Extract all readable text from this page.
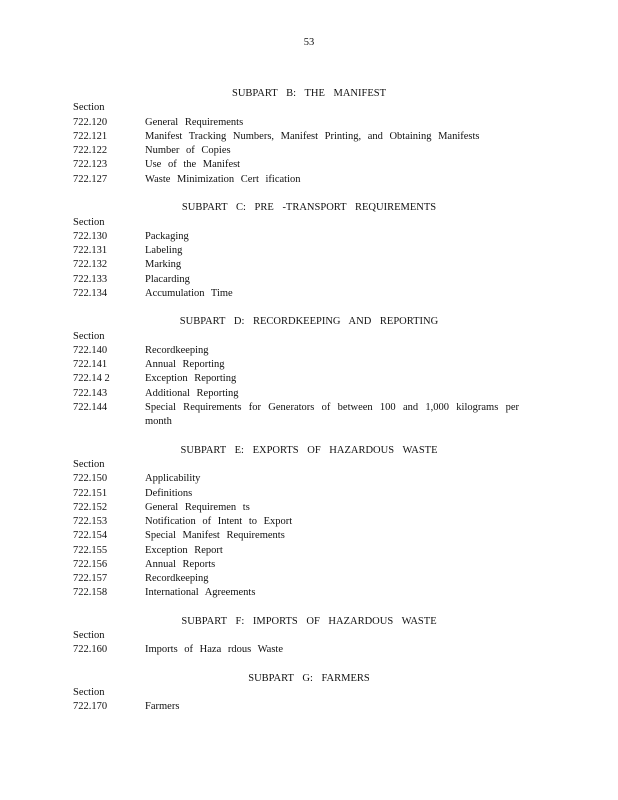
53
SUBPART B: THE MANIFEST
Section
722.120	General Requirements
722.121	Manifest Tracking Numbers, Manifest Printing, and Obtaining Manifests
722.122	Number of Copies
722.123	Use of the Manifest
722.127	Waste Minimization Cert ification
SUBPART C: PRE -TRANSPORT REQUIREMENTS
Section
722.130	Packaging
722.131	Labeling
722.132	Marking
722.133	Placarding
722.134	Accumulation Time
SUBPART D: RECORDKEEPING AND REPORTING
Section
722.140	Recordkeeping
722.141	Annual Reporting
722.14 2	Exception Reporting
722.143	Additional Reporting
722.144	Special Requirements for Generators of between 100 and 1,000 kilograms per
month
SUBPART E: EXPORTS OF HAZARDOUS WASTE
Section
722.150	Applicability
722.151	Definitions
722.152	General Requiremen ts
722.153	Notification of Intent to Export
722.154	Special Manifest Requirements
722.155	Exception Report
722.156	Annual Reports
722.157	Recordkeeping
722.158	International Agreements
SUBPART F: IMPORTS OF HAZARDOUS WASTE
Section
722.160	Imports of Haza rdous Waste
SUBPART G: FARMERS
Section
722.170	Farmers
